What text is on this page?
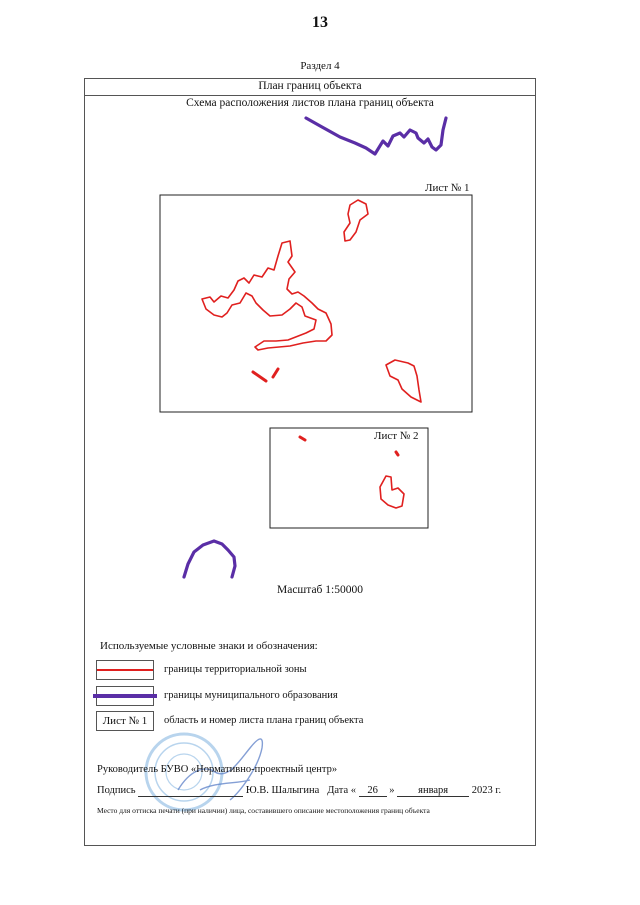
13
Раздел 4
План границ объекта
Схема расположения листов плана границ объекта
Лист № 1
Лист № 2
Масштаб 1:50000
Используемые условные знаки и обозначения:
границы территориальной зоны
границы муниципального образования
Лист № 1	область и номер листа плана границ объекта
Руководитель БУВО «Нормативно-проектный центр»
Подпись	Ю.В. Шалыгина Дата « 26 » января 2023 г.
Место для оттиска печати (при наличии) лица, составившего описание местоположения границ объекта
